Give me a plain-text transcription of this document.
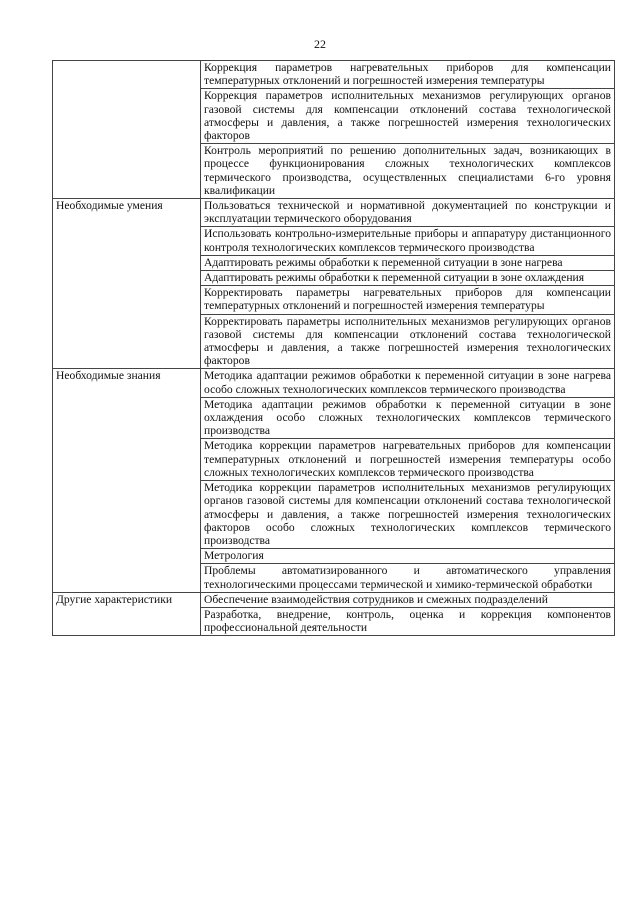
22
	Коррекция параметров нагревательных приборов для компенсации температурных отклонений и погрешностей измерения температуры
	Коррекция параметров исполнительных механизмов регулирующих органов газовой системы для компенсации отклонений состава технологической атмосферы и давления, а также погрешностей измерения технологических факторов
	Контроль мероприятий по решению дополнительных задач, возникающих в процессе функционирования сложных технологических комплексов термического производства, осуществленных специалистами 6-го уровня квалификации
Необходимые умения	Пользоваться технической и нормативной документацией по конструкции и эксплуатации термического оборудования
	Использовать контрольно-измерительные приборы и аппаратуру дистанционного контроля технологических комплексов термического производства
	Адаптировать режимы обработки к переменной ситуации в зоне нагрева
	Адаптировать режимы обработки к переменной ситуации в зоне охлаждения
	Корректировать параметры нагревательных приборов для компенсации температурных отклонений и погрешностей измерения температуры
	Корректировать параметры исполнительных механизмов регулирующих органов газовой системы для компенсации отклонений состава технологической атмосферы и давления, а также погрешностей измерения технологических факторов
Необходимые знания	Методика адаптации режимов обработки к переменной ситуации в зоне нагрева особо сложных технологических комплексов термического производства
	Методика адаптации режимов обработки к переменной ситуации в зоне охлаждения особо сложных технологических комплексов термического производства
	Методика коррекции параметров нагревательных приборов для компенсации температурных отклонений и погрешностей измерения температуры особо сложных технологических комплексов термического производства
	Методика коррекции параметров исполнительных механизмов регулирующих органов газовой системы для компенсации отклонений состава технологической атмосферы и давления, а также погрешностей измерения технологических факторов особо сложных технологических комплексов термического производства
	Метрология
	Проблемы автоматизированного и автоматического управления технологическими процессами термической и химико-термической обработки
Другие характеристики	Обеспечение взаимодействия сотрудников и смежных подразделений
	Разработка, внедрение, контроль, оценка и коррекция компонентов профессиональной деятельности
